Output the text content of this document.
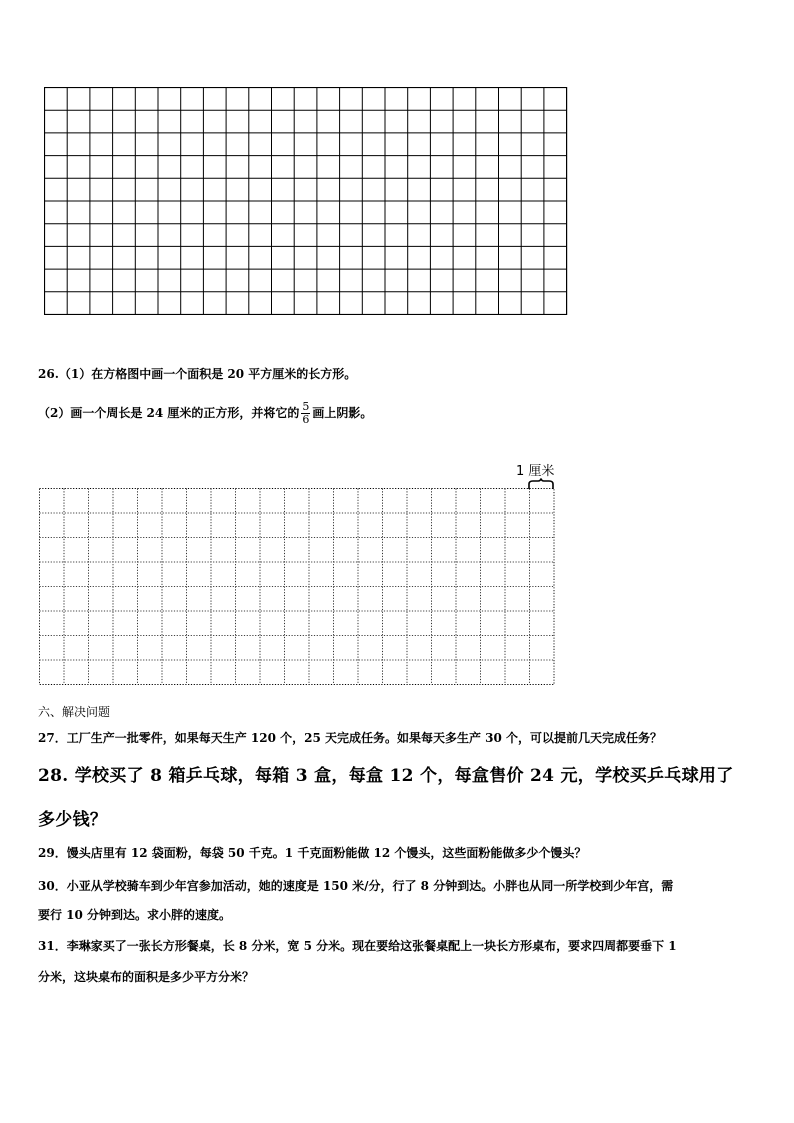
26.（1）在方格图中画一个面积是 20 平方厘米的长方形。
（2）画一个周长是 24 厘米的正方形，并将它的 $\frac{5}{6}$ 画上阴影。
1 厘米
六、解决问题
27．工厂生产一批零件，如果每天生产 120 个，25 天完成任务。如果每天多生产 30 个，可以提前几天完成任务？
28. 学校买了 8 箱乒乓球，每箱 3 盒，每盒 12 个，每盒售价 24 元，学校买乒乓球用了
多少钱？
29．馒头店里有 12 袋面粉，每袋 50 千克。1 千克面粉能做 12 个馒头，这些面粉能做多少个馒头？
30．小亚从学校骑车到少年宫参加活动，她的速度是 150 米/分，行了 8 分钟到达。小胖也从同一所学校到少年宫，需
要行 10 分钟到达。求小胖的速度。
31．李琳家买了一张长方形餐桌，长 8 分米，宽 5 分米。现在要给这张餐桌配上一块长方形桌布，要求四周都要垂下 1
分米，这块桌布的面积是多少平方分米？
